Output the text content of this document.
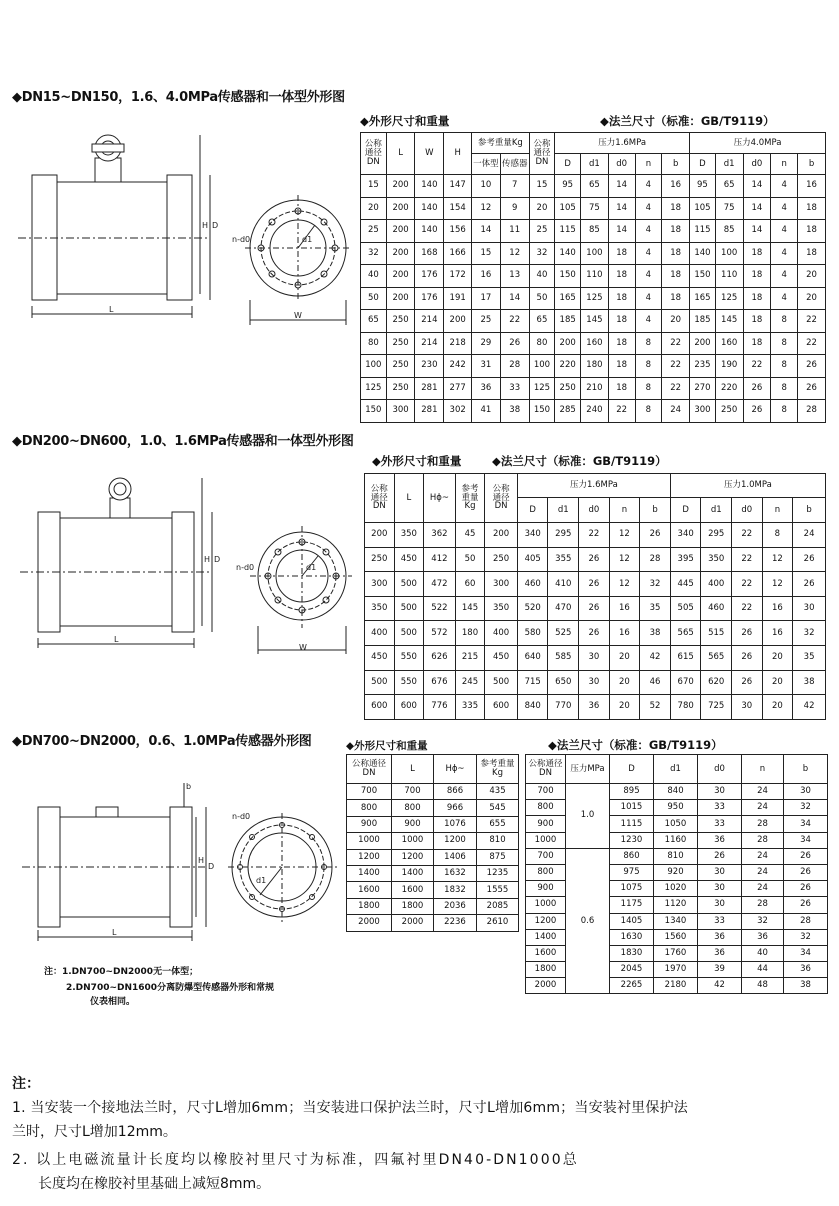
◆DN15~DN150，1.6、4.0MPa传感器和一体型外形图
◆外形尺寸和重量	◆法兰尺寸（标准：GB/T9119）
L
H D
W
n-d0	d1
公称
通径
DN	L	W	H	参考重量Kg		公称
通径
DN	压力1.6MPa					压力4.0MPa				
				一体型	传感器		D	d1	d0	n	b	D	d1	d0	n	b
15	200	140	147	10	7	15	95	65	14	4	16	95	65	14	4	16
20	200	140	154	12	9	20	105	75	14	4	18	105	75	14	4	18
25	200	140	156	14	11	25	115	85	14	4	18	115	85	14	4	18
32	200	168	166	15	12	32	140	100	18	4	18	140	100	18	4	18
40	200	176	172	16	13	40	150	110	18	4	18	150	110	18	4	20
50	200	176	191	17	14	50	165	125	18	4	18	165	125	18	4	20
65	250	214	200	25	22	65	185	145	18	4	20	185	145	18	8	22
80	250	214	218	29	26	80	200	160	18	8	22	200	160	18	8	22
100	250	230	242	31	28	100	220	180	18	8	22	235	190	22	8	26
125	250	281	277	36	33	125	250	210	18	8	22	270	220	26	8	26
150	300	281	302	41	38	150	285	240	22	8	24	300	250	26	8	28
◆DN200~DN600，1.0、1.6MPa传感器和一体型外形图
◆外形尺寸和重量	◆法兰尺寸（标准：GB/T9119）
L
H D
W
n-d0	d1
公称
通径
DN	L	Hϕ~	参考
重量
Kg	公称
通径
DN	压力1.6MPa					压力1.0MPa				
					D	d1	d0	n	b	D	d1	d0	n	b
200	350	362	45	200	340	295	22	12	26	340	295	22	8	24
250	450	412	50	250	405	355	26	12	28	395	350	22	12	26
300	500	472	60	300	460	410	26	12	32	445	400	22	12	26
350	500	522	145	350	520	470	26	16	35	505	460	22	16	30
400	500	572	180	400	580	525	26	16	38	565	515	26	16	32
450	550	626	215	450	640	585	30	20	42	615	565	26	20	35
500	550	676	245	500	715	650	30	20	46	670	620	26	20	38
600	600	776	335	600	840	770	36	20	52	780	725	30	20	42
◆DN700~DN2000，0.6、1.0MPa传感器外形图	◆外形尺寸和重量	◆法兰尺寸（标准：GB/T9119）
L
b
H
D
n-d0
d1
公称通径
DN	L	Hϕ~	参考重量
Kg
700	700	866	435
800	800	966	545
900	900	1076	655
1000	1000	1200	810
1200	1200	1406	875
1400	1400	1632	1235
1600	1600	1832	1555
1800	1800	2036	2085
2000	2000	2236	2610
公称通径
DN	压力MPa	D	d1	d0	n	b
700	1.0	895	840	30	24	30
800		1015	950	33	24	32
900		1115	1050	33	28	34
1000		1230	1160	36	28	34
700	0.6	860	810	26	24	26
800		975	920	30	24	26
900		1075	1020	30	24	26
1000		1175	1120	30	28	26
1200		1405	1340	33	32	28
1400		1630	1560	36	36	32
1600		1830	1760	36	40	34
1800		2045	1970	39	44	36
2000		2265	2180	42	48	38
注：1.DN700~DN2000无一体型；
2.DN700~DN1600分离防爆型传感器外形和常规
仪表相同。
注：
1. 当安装一个接地法兰时，尺寸L增加6mm；当安装进口保护法兰时，尺寸L增加6mm；当安装衬里保护法
兰时，尺寸L增加12mm。
2. 以上电磁流量计长度均以橡胶衬里尺寸为标准，四氟衬里DN40-DN1000总
长度均在橡胶衬里基础上减短8mm。
